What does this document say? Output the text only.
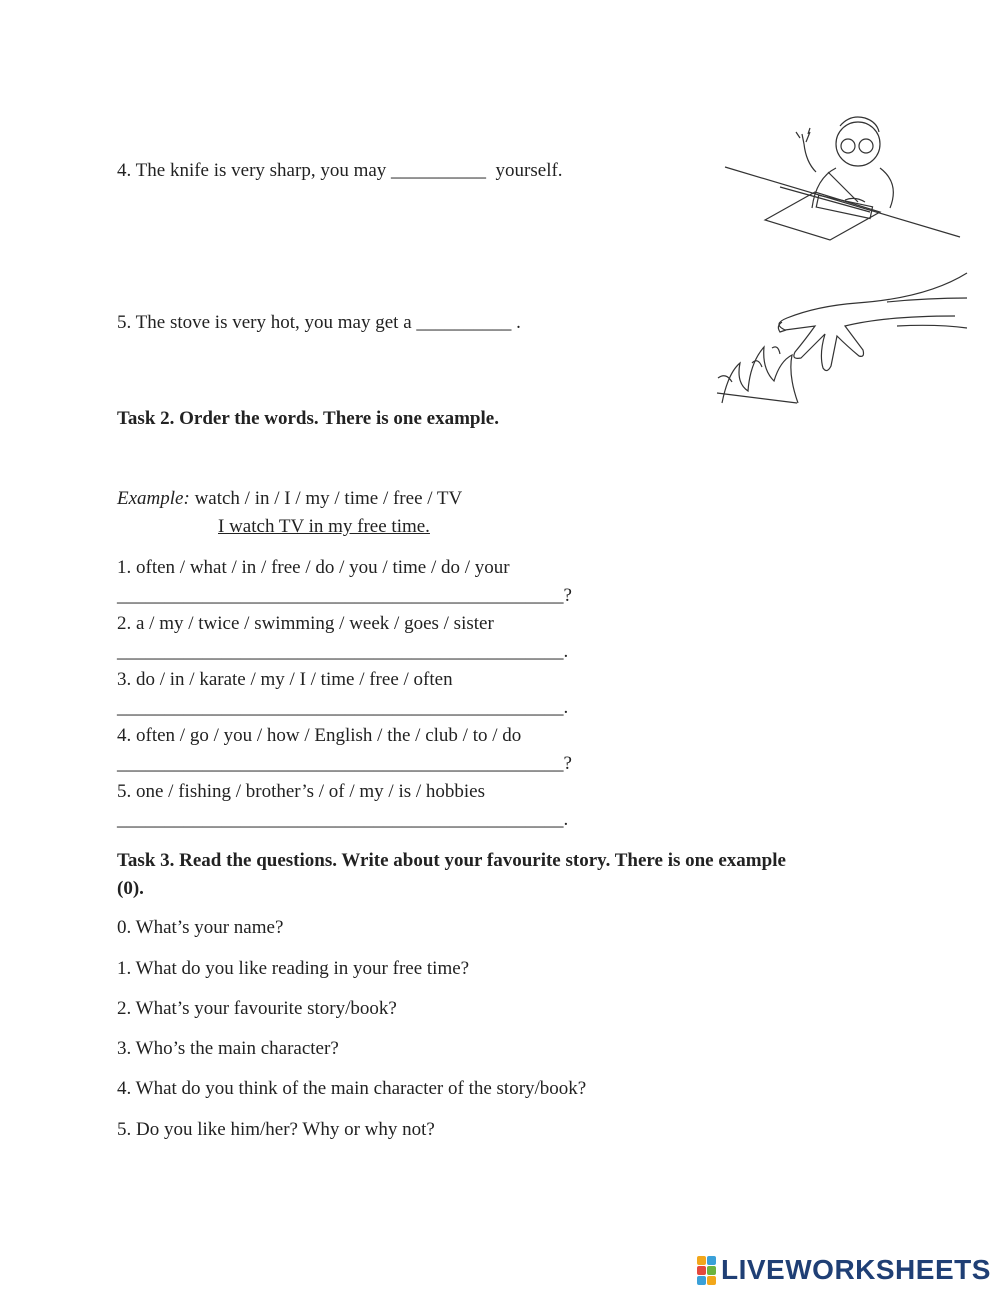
4. The knife is very sharp, you may __________  yourself.
5. The stove is very hot, you may get a __________ .
Task 2. Order the words. There is one example.
Example: watch / in / I / my / time / free / TV
I watch TV in my free time.
1. often / what / in / free / do / you / time / do / your
_______________________________________________?
2. a / my / twice / swimming / week / goes / sister
_______________________________________________.
3. do / in / karate / my / I / time / free / often
_______________________________________________.
4. often / go / you / how / English / the / club / to / do
_______________________________________________?
5. one / fishing / brother’s / of / my / is / hobbies
_______________________________________________.
Task 3. Read the questions. Write about your favourite story. There is one example
(0).
0. What’s your name?
1. What do you like reading in your free time?
2. What’s your favourite story/book?
3. Who’s the main character?
4. What do you think of the main character of the story/book?
5. Do you like him/her? Why or why not?
LIVEWORKSHEETS
